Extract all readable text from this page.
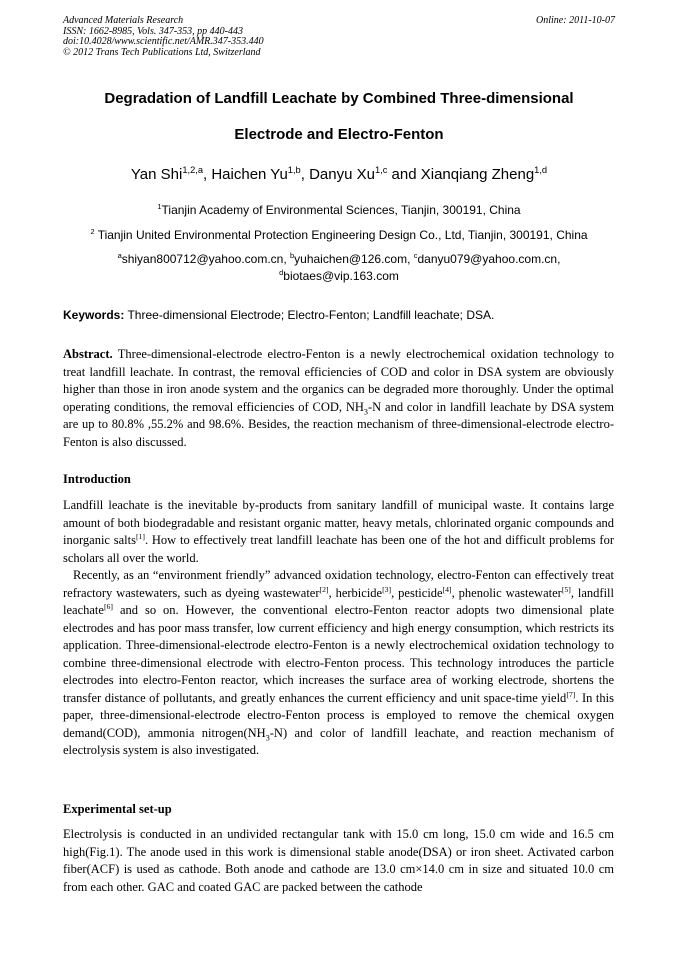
Advanced Materials Research
ISSN: 1662-8985, Vols. 347-353, pp 440-443
doi:10.4028/www.scientific.net/AMR.347-353.440
© 2012 Trans Tech Publications Ltd, Switzerland
Online: 2011-10-07
Degradation of Landfill Leachate by Combined Three-dimensional
Electrode and Electro-Fenton
Yan Shi$^{1,2,a}$, Haichen Yu$^{1,b}$, Danyu Xu$^{1,c}$ and Xianqiang Zheng$^{1,d}$
$^1$Tianjin Academy of Environmental Sciences, Tianjin, 300191, China
$^2$ Tianjin United Environmental Protection Engineering Design Co., Ltd, Tianjin, 300191, China
$^a$shiyan800712@yahoo.com.cn, $^b$yuhaichen@126.com, $^c$danyu079@yahoo.com.cn,
$^d$biotaes@vip.163.com
Keywords: Three-dimensional Electrode; Electro-Fenton; Landfill leachate; DSA.

Abstract. Three-dimensional-electrode electro-Fenton is a newly electrochemical oxidation technology to treat landfill leachate. In contrast, the removal efficiencies of COD and color in DSA system are obviously higher than those in iron anode system and the organics can be degraded more thoroughly. Under the optimal operating conditions, the removal efficiencies of COD, $NH_3-N$ and color in landfill leachate by DSA system are up to 80.8% ,55.2% and 98.6%. Besides, the reaction mechanism of three-dimensional-electrode electro-Fenton is also discussed.

Introduction

Landfill leachate is the inevitable by-products from sanitary landfill of municipal waste. It contains large amount of both biodegradable and resistant organic matter, heavy metals, chlorinated organic compounds and inorganic salts[1]. How to effectively treat landfill leachate has been one of the hot and difficult problems for scholars all over the world.

Recently, as an “environment friendly” advanced oxidation technology, electro-Fenton can effectively treat refractory wastewaters, such as dyeing wastewater[2], herbicide[3], pesticide[4], phenolic wastewater[5], landfill leachate[6] and so on. However, the conventional electro-Fenton reactor adopts two dimensional plate electrodes and has poor mass transfer, low current efficiency and high energy consumption, which restricts its application. Three-dimensional-electrode electro-Fenton is a newly electrochemical oxidation technology to combine three-dimensional electrode with electro-Fenton process. This technology introduces the particle electrodes into electro-Fenton reactor, which increases the surface area of working electrode, shortens the transfer distance of pollutants, and greatly enhances the current efficiency and unit space-time yield[7]. In this paper, three-dimensional-electrode electro-Fenton process is employed to remove the chemical oxygen demand(COD), ammonia $nitrogen(NH_3-N)$ and color of landfill leachate, and reaction mechanism of electrolysis system is also investigated.

Experimental set-up

Electrolysis is conducted in an undivided rectangular tank with 15.0 cm long, 15.0 cm wide and 16.5 cm high(Fig.1). The anode used in this work is dimensional stable anode(DSA) or iron sheet. Activated carbon fiber(ACF) is used as cathode. Both anode and cathode are 13.0 cm×14.0 cm in size and situated 10.0 cm from each other. GAC and coated GAC are packed between the cathode
